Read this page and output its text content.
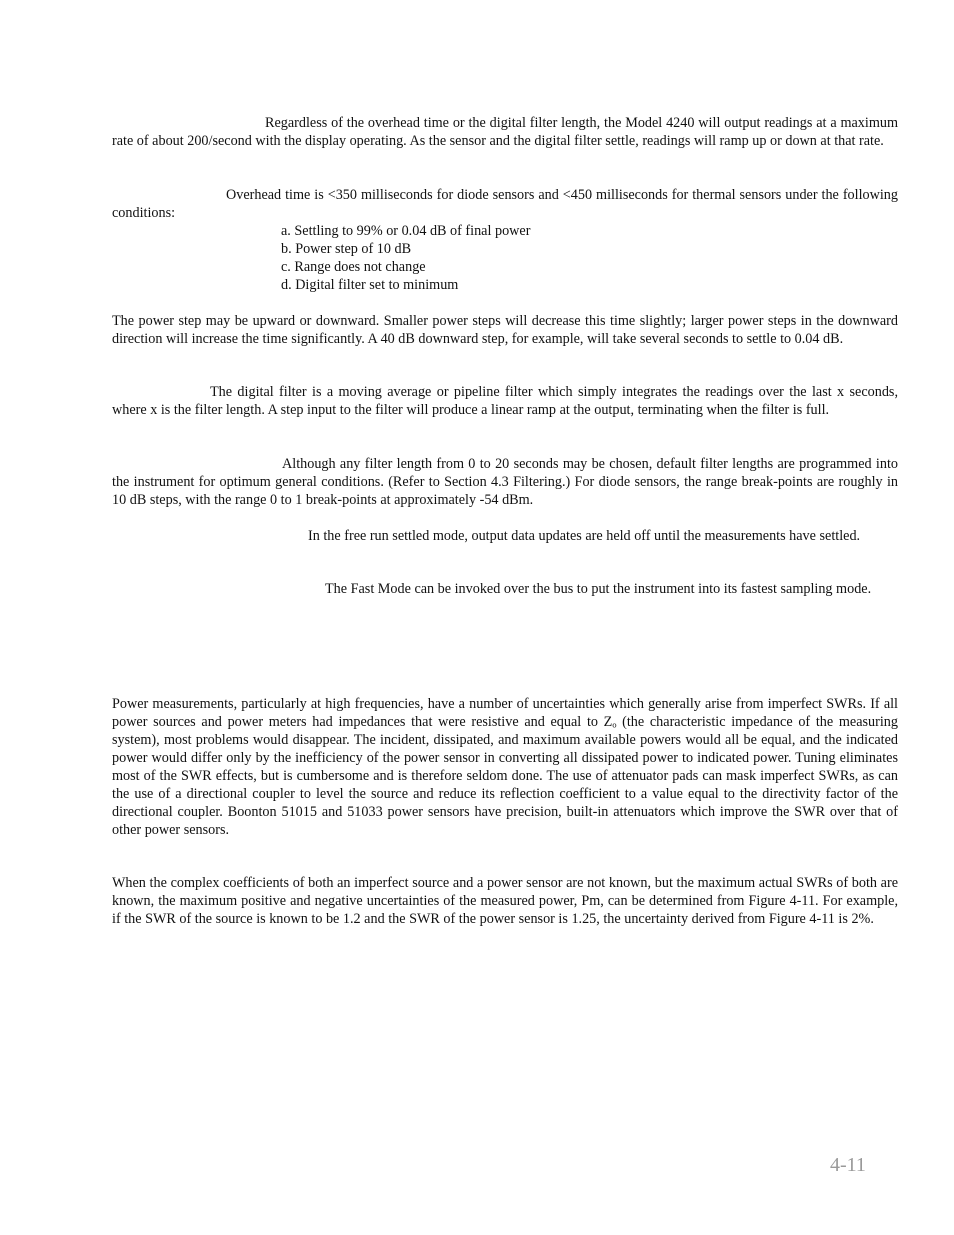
Regardless of the overhead time or the digital filter length, the Model 4240 will output readings at a maximum rate of about 200/second with the display operating. As the sensor and the digital filter settle, readings will ramp up or down at that rate.

Overhead time is <350 milliseconds for diode sensors and <450 milliseconds for thermal sensors under the following conditions:

a. Settling to 99% or 0.04 dB of final power
b. Power step of 10 dB
c. Range does not change
d. Digital filter set to minimum

The power step may be upward or downward. Smaller power steps will decrease this time slightly; larger power steps in the downward direction will increase the time significantly. A 40 dB downward step, for example, will take several seconds to settle to 0.04 dB.

The digital filter is a moving average or pipeline filter which simply integrates the readings over the last x seconds, where x is the filter length. A step input to the filter will produce a linear ramp at the output, terminating when the filter is full.

Although any filter length from 0 to 20 seconds may be chosen, default filter lengths are programmed into the instrument for optimum general conditions. (Refer to Section 4.3 Filtering.) For diode sensors, the range break-points are roughly in 10 dB steps, with the range 0 to 1 break-points at approximately -54 dBm.

In the free run settled mode, output data updates are held off until the measurements have settled.

The Fast Mode can be invoked over the bus to put the instrument into its fastest sampling mode.

Power measurements, particularly at high frequencies, have a number of uncertainties which generally arise from imperfect SWRs. If all power sources and power meters had impedances that were resistive and equal to Zₒ (the characteristic impedance of the measuring system), most problems would disappear. The incident, dissipated, and maximum available powers would all be equal, and the indicated power would differ only by the inefficiency of the power sensor in converting all dissipated power to indicated power. Tuning eliminates most of the SWR effects, but is cumbersome and is therefore seldom done. The use of attenuator pads can mask imperfect SWRs, as can the use of a directional coupler to level the source and reduce its reflection coefficient to a value equal to the directivity factor of the directional coupler. Boonton 51015 and 51033 power sensors have precision, built-in attenuators which improve the SWR over that of other power sensors.

When the complex coefficients of both an imperfect source and a power sensor are not known, but the maximum actual SWRs of both are known, the maximum positive and negative uncertainties of the measured power, Pm, can be determined from Figure 4-11. For example, if the SWR of the source is known to be 1.2 and the SWR of the power sensor is 1.25, the uncertainty derived from Figure 4-11 is 2%.

4-11
